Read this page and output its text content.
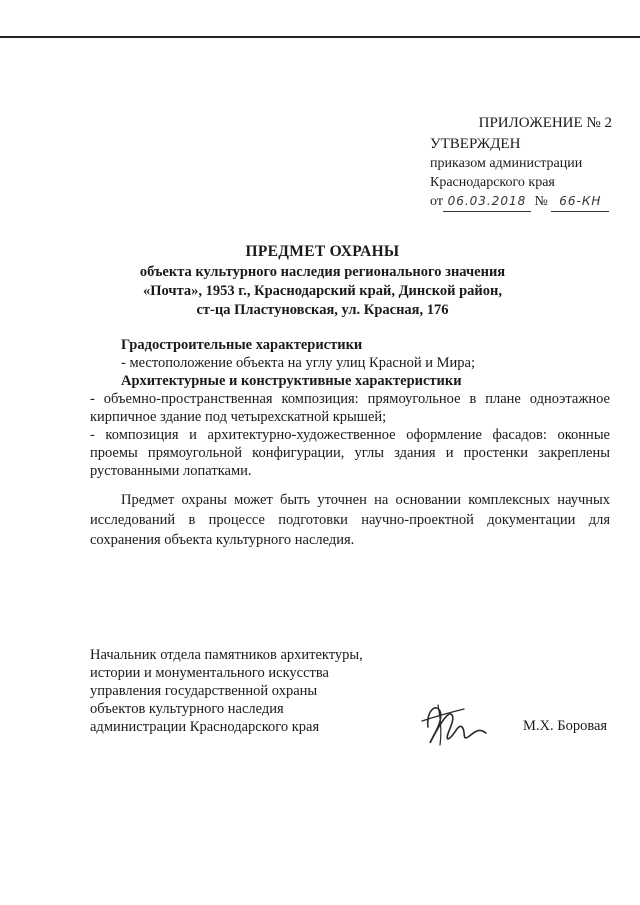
ПРИЛОЖЕНИЕ № 2
УТВЕРЖДЕН
приказом администрации
Краснодарского края
от 06.03.2018 № 66-КН
ПРЕДМЕТ ОХРАНЫ
объекта культурного наследия регионального значения
«Почта», 1953 г., Краснодарский край, Динской район,
ст-ца Пластуновская, ул. Красная, 176
Градостроительные характеристики
- местоположение объекта на углу улиц Красной и Мира;
Архитектурные и конструктивные характеристики
- объемно-пространственная композиция: прямоугольное в плане одноэтажное кирпичное здание под четырехскатной крышей;
- композиция и архитектурно-художественное оформление фасадов: оконные проемы прямоугольной конфигурации, углы здания и простенки закреплены рустованными лопатками.
Предмет охраны может быть уточнен на основании комплексных научных исследований в процессе подготовки научно-проектной документации для сохранения объекта культурного наследия.
Начальник отдела памятников архитектуры,
истории и монументального искусства
управления государственной охраны
объектов культурного наследия
администрации Краснодарского края	М.Х. Боровая
